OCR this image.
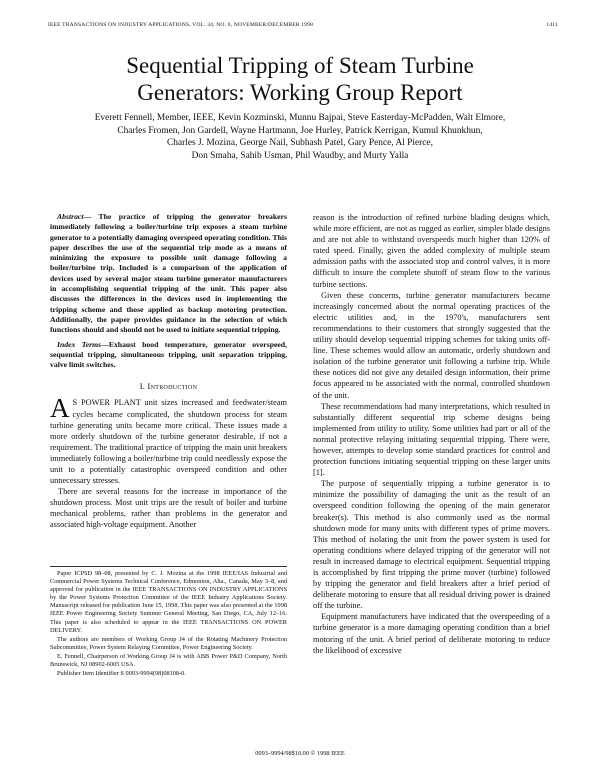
IEEE TRANSACTIONS ON INDUSTRY APPLICATIONS, VOL. 34, NO. 6, NOVEMBER/DECEMBER 1998	1411
Sequential Tripping of Steam Turbine
Generators: Working Group Report
Everett Fennell, Member, IEEE, Kevin Kozminski, Munnu Bajpai, Steve Easterday-McPadden, Walt Elmore,
Charles Fromen, Jon Gardell, Wayne Hartmann, Joe Hurley, Patrick Kerrigan, Kumul Khunkhun,
Charles J. Mozina, George Nail, Subhash Patel, Gary Pence, Al Pierce,
Don Smaha, Sahib Usman, Phil Waudby, and Murty Yalla

Abstract— The practice of tripping the generator breakers immediately following a boiler/turbine trip exposes a steam turbine generator to a potentially damaging overspeed operating condition. This paper describes the use of the sequential trip mode as a means of minimizing the exposure to possible unit damage following a boiler/turbine trip. Included is a comparison of the application of devices used by several major steam turbine generator manufacturers in accomplishing sequential tripping of the unit. This paper also discusses the differences in the devices used in implementing the tripping scheme and those applied as backup motoring protection. Additionally, the paper provides guidance in the selection of which functions should and should not be used to initiate sequential tripping.

Index Terms—Exhaust hood temperature, generator overspeed, sequential tripping, simultaneous tripping, unit separation tripping, valve limit switches.

I. Introduction

A S POWER PLANT unit sizes increased and feedwater/steam cycles became complicated, the shutdown process for steam turbine generating units became more critical. These issues made a more orderly shutdown of the turbine generator desirable, if not a requirement. The traditional practice of tripping the main unit breakers immediately following a boiler/turbine trip could needlessly expose the unit to a potentially catastrophic overspeed condition and other unnecessary stresses.

There are several reasons for the increase in importance of the shutdown process. Most unit trips are the result of boiler and turbine mechanical problems, rather than problems in the generator and associated high-voltage equipment. Another

reason is the introduction of refined turbine blading designs which, while more efficient, are not as rugged as earlier, simpler blade designs and are not able to withstand overspeeds much higher than 120% of rated speed. Finally, given the added complexity of multiple steam admission paths with the associated stop and control valves, it is more difficult to insure the complete shutoff of steam flow to the various turbine sections.

Given these concerns, turbine generator manufacturers became increasingly concerned about the normal operating practices of the electric utilities and, in the 1970's, manufacturers sent recommendations to their customers that strongly suggested that the utility should develop sequential tripping schemes for taking units off-line. These schemes would allow an automatic, orderly shutdown and isolation of the turbine generator unit following a turbine trip. While these notices did not give any detailed design information, their prime focus appeared to be associated with the normal, controlled shutdown of the unit.

These recommendations had many interpretations, which resulted in substantially different sequential trip scheme designs being implemented from utility to utility. Some utilities had part or all of the normal protective relaying initiating sequential tripping. There were, however, attempts to develop some standard practices for control and protection functions initiating sequential tripping on these larger units [1].

The purpose of sequentially tripping a turbine generator is to minimize the possibility of damaging the unit as the result of an overspeed condition following the opening of the main generator breaker(s). This method is also commonly used as the normal shutdown mode for many units with different types of prime movers. This method of isolating the unit from the power system is used for operating conditions where delayed tripping of the generator will not result in increased damage to electrical equipment. Sequential tripping is accomplished by first tripping the prime mover (turbine) followed by tripping the generator and field breakers after a brief period of deliberate motoring to ensure that all residual driving power is drained off the turbine.

Equipment manufacturers have indicated that the overspeeding of a turbine generator is a more damaging operating condition than a brief motoring of the unit. A brief period of deliberate motoring to reduce the likelihood of excessive

Paper ICPSD 98–08, presented by C. J. Mozina at the 1998 IEEE/IAS Industrial and Commercial Power Systems Technical Conference, Edmonton, Alta., Canada, May 3–8, and approved for publication in the IEEE TRANSACTIONS ON INDUSTRY APPLICATIONS by the Power Systems Protection Committee of the IEEE Industry Applications Society. Manuscript released for publication June 15, 1998. This paper was also presented at the 1998 IEEE Power Engineering Society Summer General Meeting, San Diego, CA, July 12–16. This paper is also scheduled to appear in the IEEE TRANSACTIONS ON POWER DELIVERY.

The authors are members of Working Group J4 of the Rotating Machinery Protection Subcommittee, Power System Relaying Committee, Power Engineering Society.

E. Fennell, Chairperson of Working Group J4 is with ABB Power P&D Company, North Brunswick, NJ 08902-6005 USA.

Publisher Item Identifier S 0093-9994(98)08108-0.

0093–9994/98$10.00 © 1998 IEEE
